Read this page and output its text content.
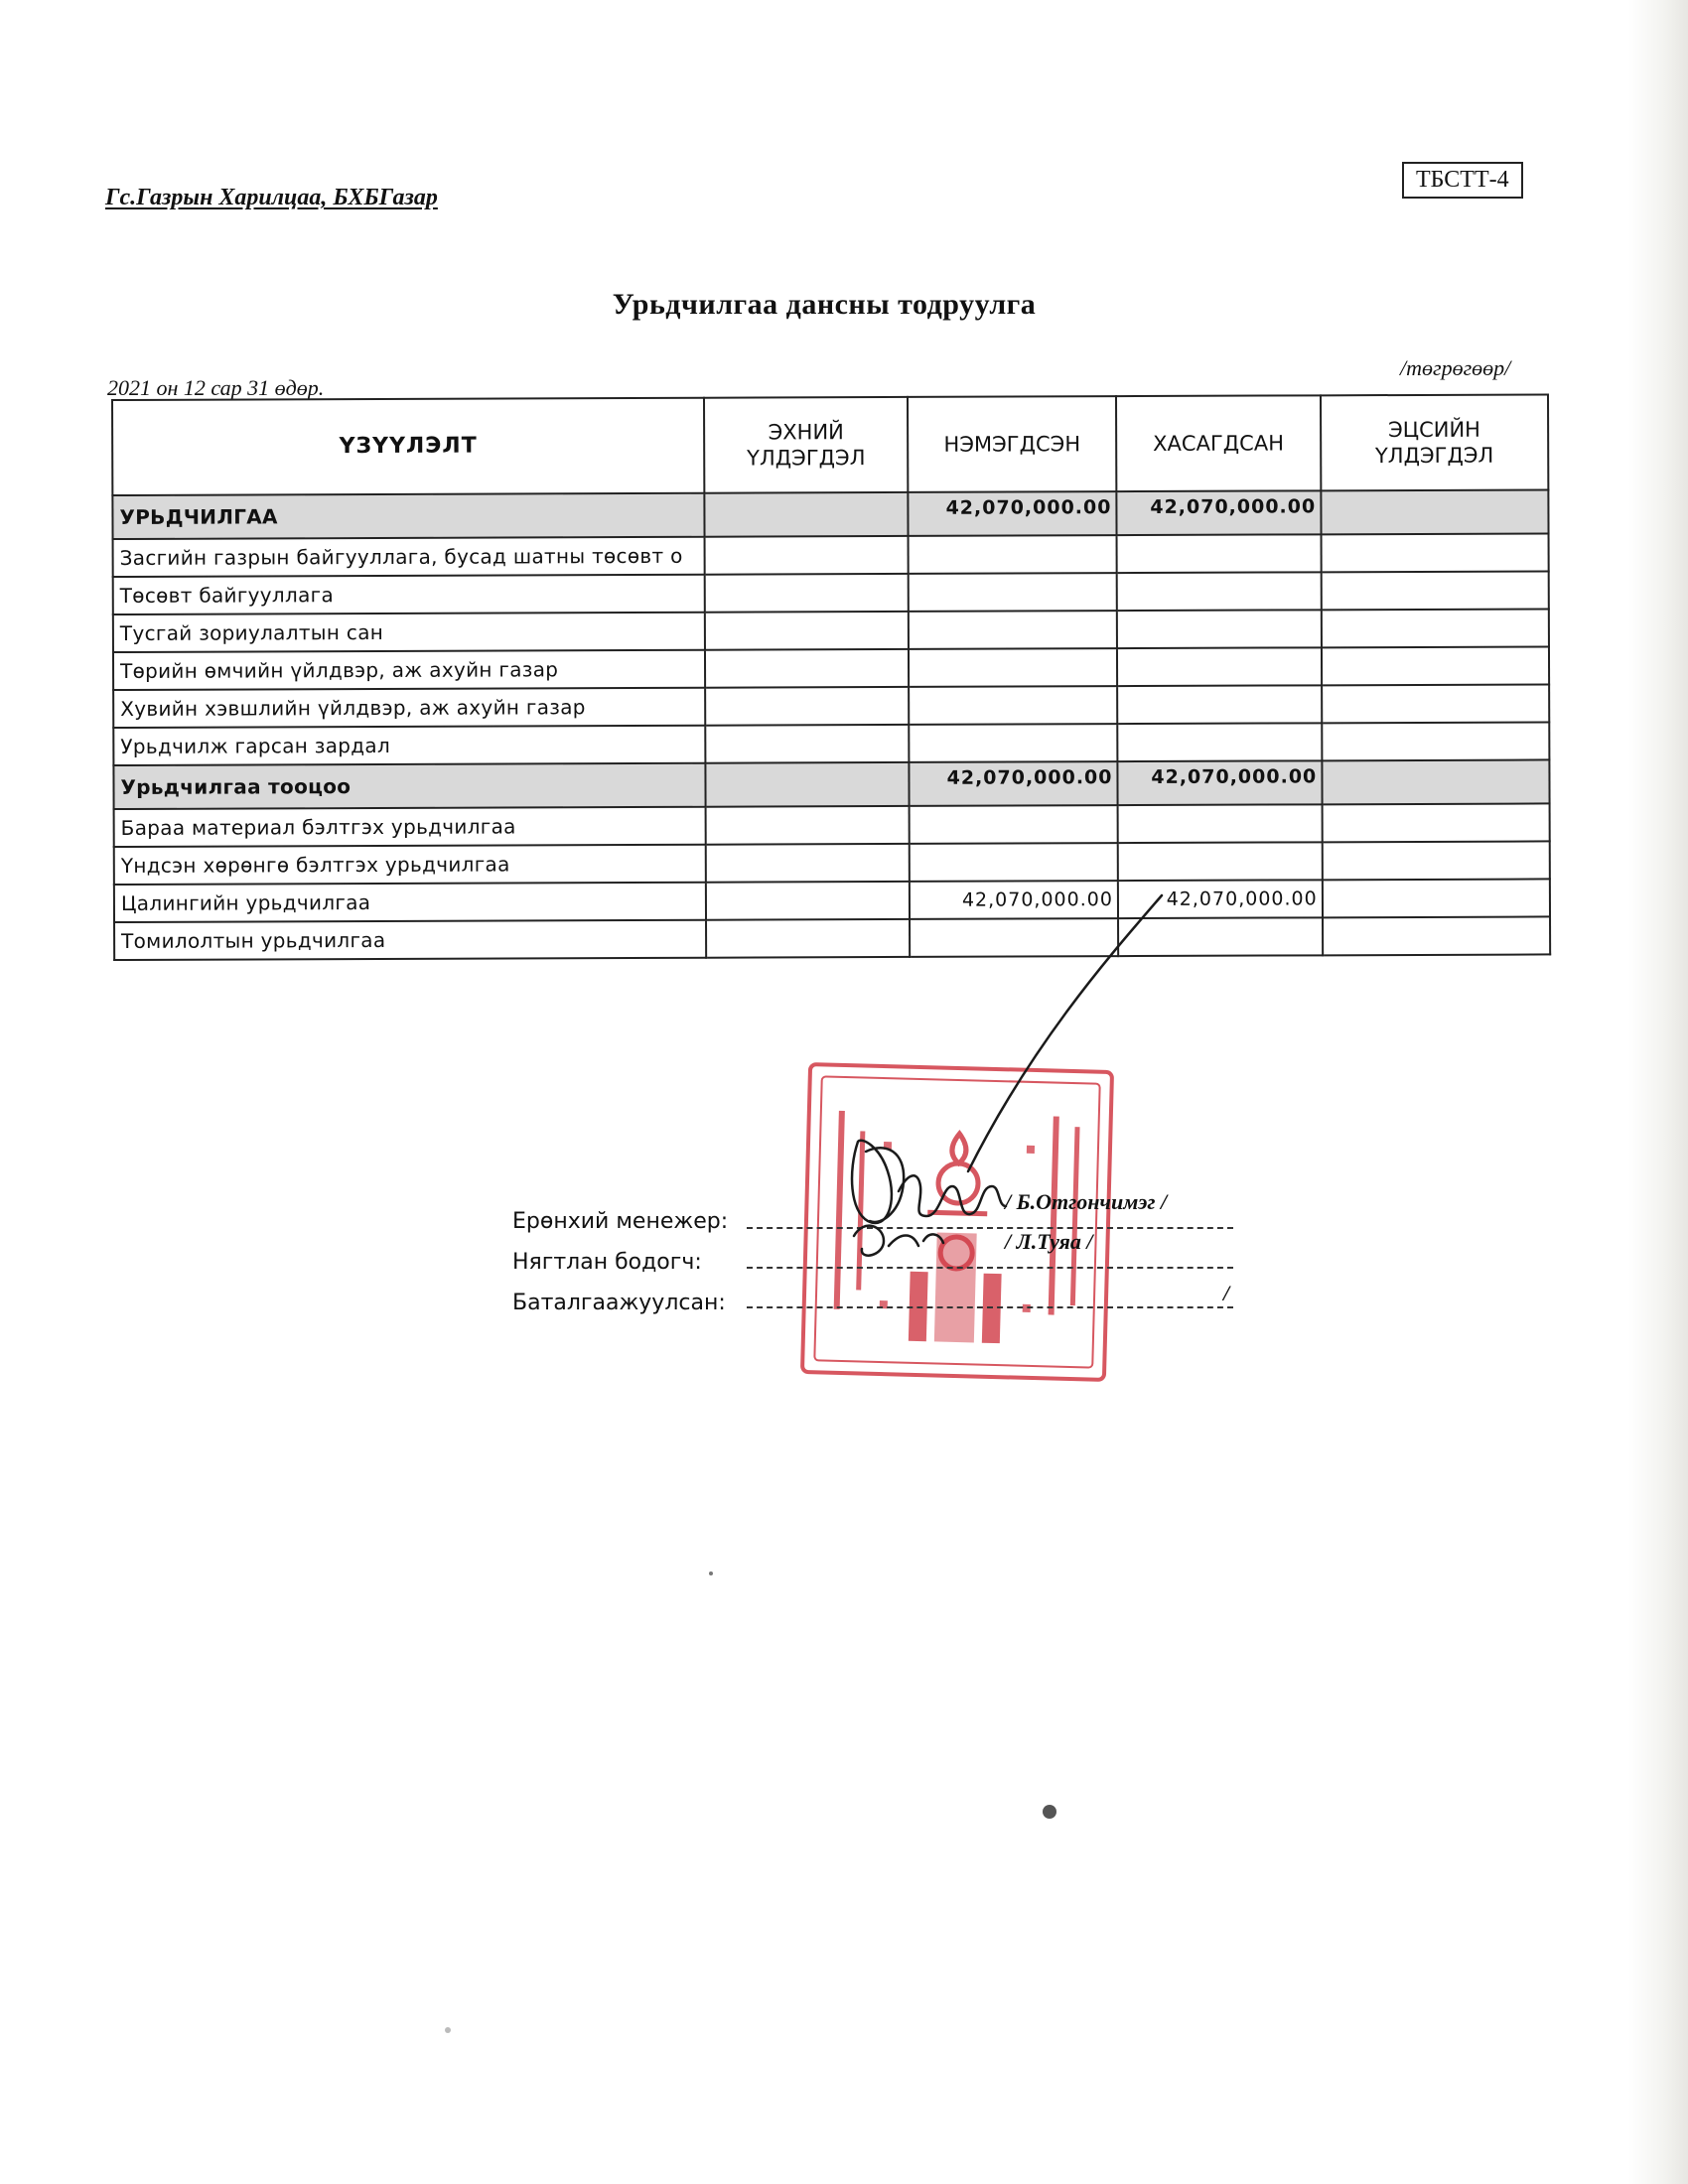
Гс.Газрын Харилцаа, БХБГазар
ТБСТТ-4
Урьдчилгаа дансны тодруулга
2021 он 12 сар 31 өдөр.
/төгрөгөөр/
ҮЗҮҮЛЭЛТ	ЭХНИЙ ҮЛДЭГДЭЛ	НЭМЭГДСЭН	ХАСАГДСАН	ЭЦСИЙН ҮЛДЭГДЭЛ
УРЬДЧИЛГАА		42,070,000.00	42,070,000.00	
Засгийн газрын байгууллага, бусад шатны төсөвт о				
Төсөвт байгууллага				
Тусгай зориулалтын сан				
Төрийн өмчийн үйлдвэр, аж ахуйн газар				
Хувийн хэвшлийн үйлдвэр, аж ахуйн газар				
Урьдчилж гарсан зардал				
Урьдчилгаа тооцоо		42,070,000.00	42,070,000.00	
Бараа материал бэлтгэх урьдчилгаа				
Үндсэн хөрөнгө бэлтгэх урьдчилгаа				
Цалингийн урьдчилгаа		42,070,000.00	42,070,000.00	
Томилолтын урьдчилгаа				
Ерөнхий менежер:
/ Б.Отгончимэг /
Нягтлан бодогч:
/ Л.Туяа /
Баталгаажуулсан:	/
